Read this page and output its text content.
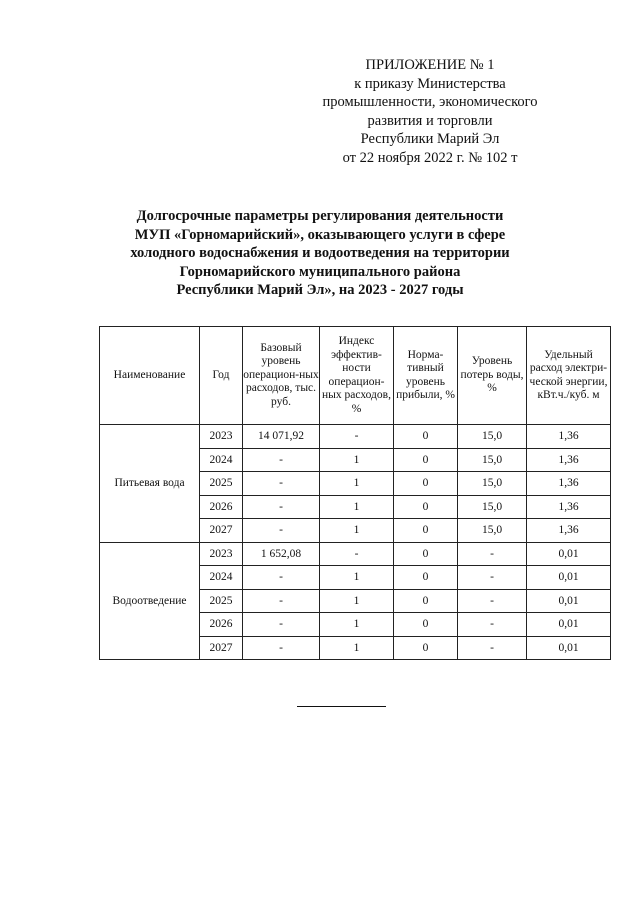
ПРИЛОЖЕНИЕ № 1
к приказу Министерства
промышленности, экономического
развития и торговли
Республики Марий Эл
от 22 ноября 2022 г. № 102 т
Долгосрочные параметры регулирования деятельности
МУП «Горномарийский», оказывающего услуги в сфере
холодного водоснабжения и водоотведения на территории
Горномарийского муниципального района
Республики Марий Эл», на 2023 - 2027 годы
Наименование	Год	Базовый уровень операцион-ных расходов, тыс. руб.	Индекс эффектив-ности операцион-ных расходов, %	Норма-тивный уровень прибыли, %	Уровень потерь воды, %	Удельный расход электри-ческой энергии, кВт.ч./куб. м
Питьевая вода	2023	14 071,92	-	0	15,0	1,36
	2024	-	1	0	15,0	1,36
	2025	-	1	0	15,0	1,36
	2026	-	1	0	15,0	1,36
	2027	-	1	0	15,0	1,36
Водоотведение	2023	1 652,08	-	0	-	0,01
	2024	-	1	0	-	0,01
	2025	-	1	0	-	0,01
	2026	-	1	0	-	0,01
	2027	-	1	0	-	0,01
